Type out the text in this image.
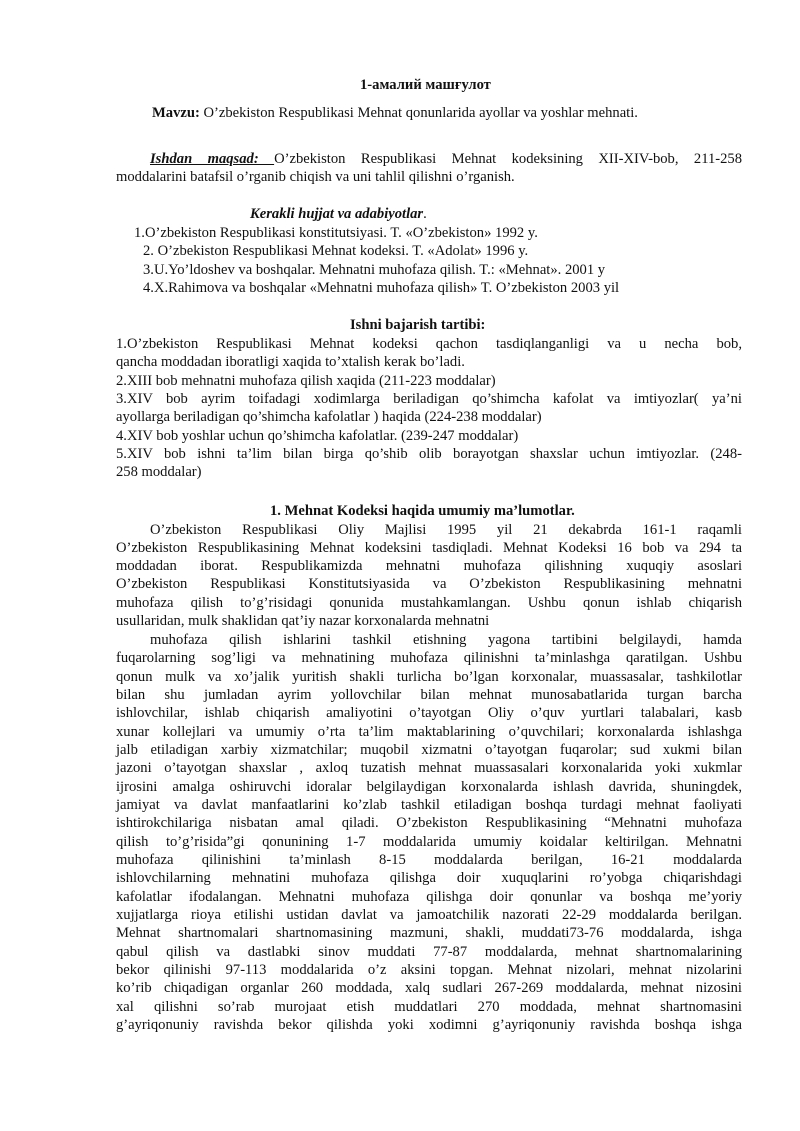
1-амалий машғулот
Mavzu: O’zbekiston Respublikasi Mehnat qonunlarida ayollar va yoshlar mehnati.
Ishdan maqsad: O’zbekiston Respublikasi Mehnat kodeksining XII-XIV-bob, 211-258
moddalarini batafsil o’rganib chiqish va uni tahlil qilishni o’rganish.
Kerakli hujjat va adabiyotlar.
1.O’zbekiston Respublikasi konstitutsiyasi. T. «O’zbekiston» 1992 y.
2. O’zbekiston Respublikasi Mehnat kodeksi. T. «Adolat» 1996 y.
3.U.Yo’ldoshev va boshqalar. Mehnatni muhofaza qilish. T.: «Mehnat». 2001 y
4.X.Rahimova va boshqalar «Mehnatni muhofaza qilish» T. O’zbekiston 2003 yil
Ishni bajarish tartibi:
1.O’zbekiston Respublikasi Mehnat kodeksi qachon tasdiqlanganligi va u necha bob,
qancha moddadan iboratligi xaqida to’xtalish kerak bo’ladi.
2.XIII bob mehnatni muhofaza qilish xaqida (211-223 moddalar)
3.XIV bob ayrim toifadagi xodimlarga beriladigan qo’shimcha kafolat va imtiyozlar( ya’ni
ayollarga beriladigan qo’shimcha kafolatlar ) haqida (224-238 moddalar)
4.XIV bob yoshlar uchun qo’shimcha kafolatlar. (239-247 moddalar)
5.XIV bob ishni ta’lim bilan birga qo’shib olib borayotgan shaxslar uchun imtiyozlar. (248-
258 moddalar)
1. Mehnat Kodeksi haqida umumiy ma’lumotlar.
O’zbekiston Respublikasi Oliy Majlisi 1995 yil 21 dekabrda 161-1 raqamli
O’zbekiston Respublikasining Mehnat kodeksini tasdiqladi. Mehnat Kodeksi 16 bob va 294 ta
moddadan iborat. Respublikamizda mehnatni muhofaza qilishning xuquqiy asoslari
O’zbekiston Respublikasi Konstitutsiyasida va O’zbekiston Respublikasining mehnatni
muhofaza qilish to’g’risidagi qonunida mustahkamlangan. Ushbu qonun ishlab chiqarish
usullaridan, mulk shaklidan qat’iy nazar korxonalarda mehnatni
muhofaza qilish ishlarini tashkil etishning yagona tartibini belgilaydi, hamda
fuqarolarning sog’ligi va mehnatining muhofaza qilinishni ta’minlashga qaratilgan. Ushbu
qonun mulk va xo’jalik yuritish shakli turlicha bo’lgan korxonalar, muassasalar, tashkilotlar
bilan shu jumladan ayrim yollovchilar bilan mehnat munosabatlarida turgan barcha
ishlovchilar, ishlab chiqarish amaliyotini o’tayotgan Oliy o’quv yurtlari talabalari, kasb
xunar kollejlari va umumiy o’rta ta’lim maktablarining o’quvchilari; korxonalarda ishlashga
jalb etiladigan xarbiy xizmatchilar; muqobil xizmatni o’tayotgan fuqarolar; sud xukmi bilan
jazoni o’tayotgan shaxslar , axloq tuzatish mehnat muassasalari korxonalarida yoki xukmlar
ijrosini amalga oshiruvchi idoralar belgilaydigan korxonalarda ishlash davrida, shuningdek,
jamiyat va davlat manfaatlarini ko’zlab tashkil etiladigan boshqa turdagi mehnat faoliyati
ishtirokchilariga nisbatan amal qiladi. O’zbekiston Respublikasining “Mehnatni muhofaza
qilish to’g’risida”gi qonunining 1-7 moddalarida umumiy koidalar keltirilgan. Mehnatni
muhofaza qilinishini ta’minlash 8-15 moddalarda berilgan, 16-21 moddalarda
ishlovchilarning mehnatini muhofaza qilishga doir xuquqlarini ro’yobga chiqarishdagi
kafolatlar ifodalangan. Mehnatni muhofaza qilishga doir qonunlar va boshqa me’yoriy
xujjatlarga rioya etilishi ustidan davlat va jamoatchilik nazorati 22-29 moddalarda berilgan.
Mehnat shartnomalari shartnomasining mazmuni, shakli, muddati73-76 moddalarda, ishga
qabul qilish va dastlabki sinov muddati 77-87 moddalarda, mehnat shartnomalarining
bekor qilinishi 97-113 moddalarida o’z aksini topgan. Mehnat nizolari, mehnat nizolarini
ko’rib chiqadigan organlar 260 moddada, xalq sudlari 267-269 moddalarda, mehnat nizosini
xal qilishni so’rab murojaat etish muddatlari 270 moddada, mehnat shartnomasini
g’ayriqonuniy ravishda bekor qilishda yoki xodimni g’ayriqonuniy ravishda boshqa ishga
